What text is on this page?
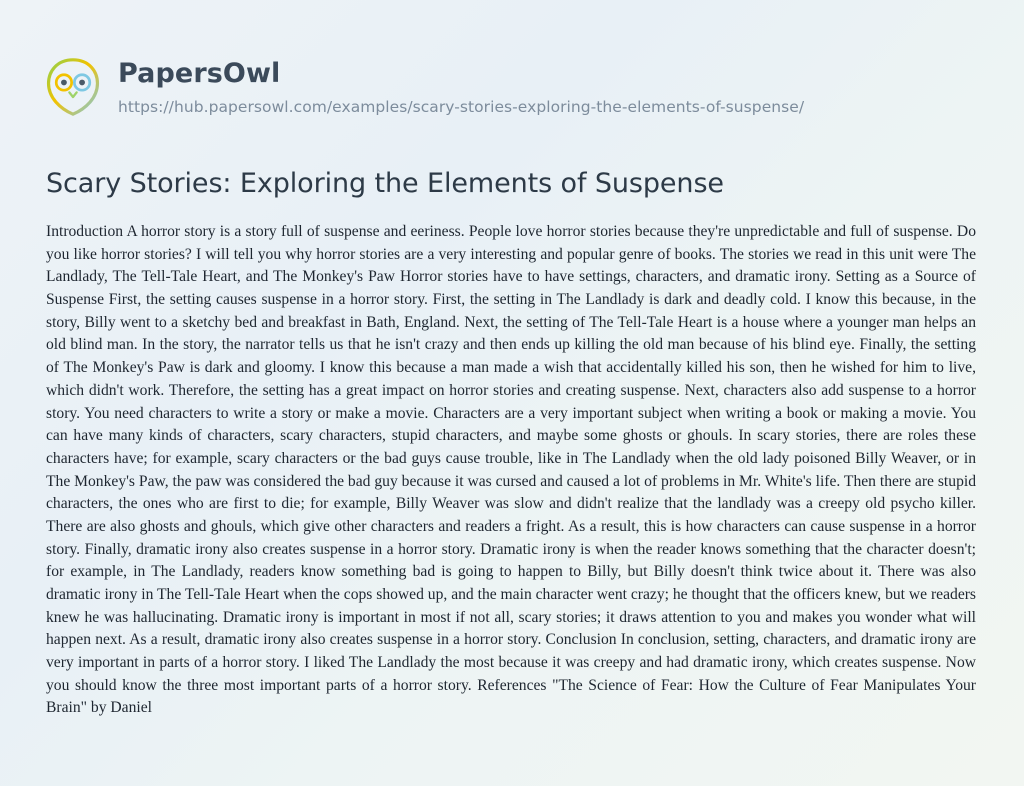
PapersOwl
https://hub.papersowl.com/examples/scary-stories-exploring-the-elements-of-suspense/
Scary Stories: Exploring the Elements of Suspense
Introduction A horror story is a story full of suspense and eeriness. People love horror stories because they're unpredictable and full of suspense. Do you like horror stories? I will tell you why horror stories are a very interesting and popular genre of books. The stories we read in this unit were The Landlady, The Tell-Tale Heart, and The Monkey's Paw Horror stories have to have settings, characters, and dramatic irony. Setting as a Source of Suspense First, the setting causes suspense in a horror story. First, the setting in The Landlady is dark and deadly cold. I know this because, in the story, Billy went to a sketchy bed and breakfast in Bath, England. Next, the setting of The Tell-Tale Heart is a house where a younger man helps an old blind man. In the story, the narrator tells us that he isn't crazy and then ends up killing the old man because of his blind eye. Finally, the setting of The Monkey's Paw is dark and gloomy. I know this because a man made a wish that accidentally killed his son, then he wished for him to live, which didn't work. Therefore, the setting has a great impact on horror stories and creating suspense. Next, characters also add suspense to a horror story. You need characters to write a story or make a movie. Characters are a very important subject when writing a book or making a movie. You can have many kinds of characters, scary characters, stupid characters, and maybe some ghosts or ghouls. In scary stories, there are roles these characters have; for example, scary characters or the bad guys cause trouble, like in The Landlady when the old lady poisoned Billy Weaver, or in The Monkey's Paw, the paw was considered the bad guy because it was cursed and caused a lot of problems in Mr. White's life. Then there are stupid characters, the ones who are first to die; for example, Billy Weaver was slow and didn't realize that the landlady was a creepy old psycho killer. There are also ghosts and ghouls, which give other characters and readers a fright. As a result, this is how characters can cause suspense in a horror story. Finally, dramatic irony also creates suspense in a horror story. Dramatic irony is when the reader knows something that the character doesn't; for example, in The Landlady, readers know something bad is going to happen to Billy, but Billy doesn't think twice about it. There was also dramatic irony in The Tell-Tale Heart when the cops showed up, and the main character went crazy; he thought that the officers knew, but we readers knew he was hallucinating. Dramatic irony is important in most if not all, scary stories; it draws attention to you and makes you wonder what will happen next. As a result, dramatic irony also creates suspense in a horror story. Conclusion In conclusion, setting, characters, and dramatic irony are very important in parts of a horror story. I liked The Landlady the most because it was creepy and had dramatic irony, which creates suspense. Now you should know the three most important parts of a horror story. References "The Science of Fear: How the Culture of Fear Manipulates Your Brain" by Daniel
